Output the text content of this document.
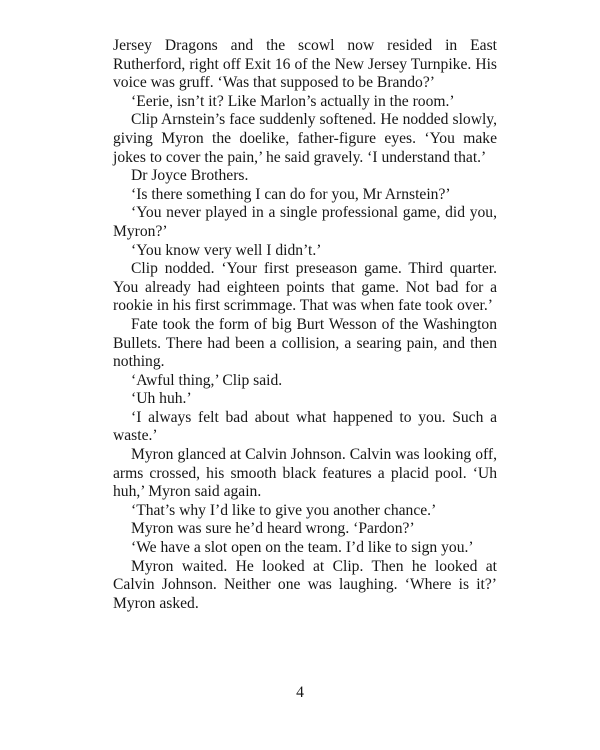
Jersey Dragons and the scowl now resided in East Rutherford, right off Exit 16 of the New Jersey Turnpike. His voice was gruff. ‘Was that supposed to be Brando?’

‘Eerie, isn’t it? Like Marlon’s actually in the room.’

Clip Arnstein’s face suddenly softened. He nodded slowly, giving Myron the doelike, father-figure eyes. ‘You make jokes to cover the pain,’ he said gravely. ‘I understand that.’

Dr Joyce Brothers.

‘Is there something I can do for you, Mr Arnstein?’

‘You never played in a single professional game, did you, Myron?’

‘You know very well I didn’t.’

Clip nodded. ‘Your first preseason game. Third quarter. You already had eighteen points that game. Not bad for a rookie in his first scrimmage. That was when fate took over.’

Fate took the form of big Burt Wesson of the Washington Bullets. There had been a collision, a searing pain, and then nothing.

‘Awful thing,’ Clip said.

‘Uh huh.’

‘I always felt bad about what happened to you. Such a waste.’

Myron glanced at Calvin Johnson. Calvin was looking off, arms crossed, his smooth black features a placid pool. ‘Uh huh,’ Myron said again.

‘That’s why I’d like to give you another chance.’

Myron was sure he’d heard wrong. ‘Pardon?’

‘We have a slot open on the team. I’d like to sign you.’

Myron waited. He looked at Clip. Then he looked at Calvin Johnson. Neither one was laughing. ‘Where is it?’ Myron asked.

4
